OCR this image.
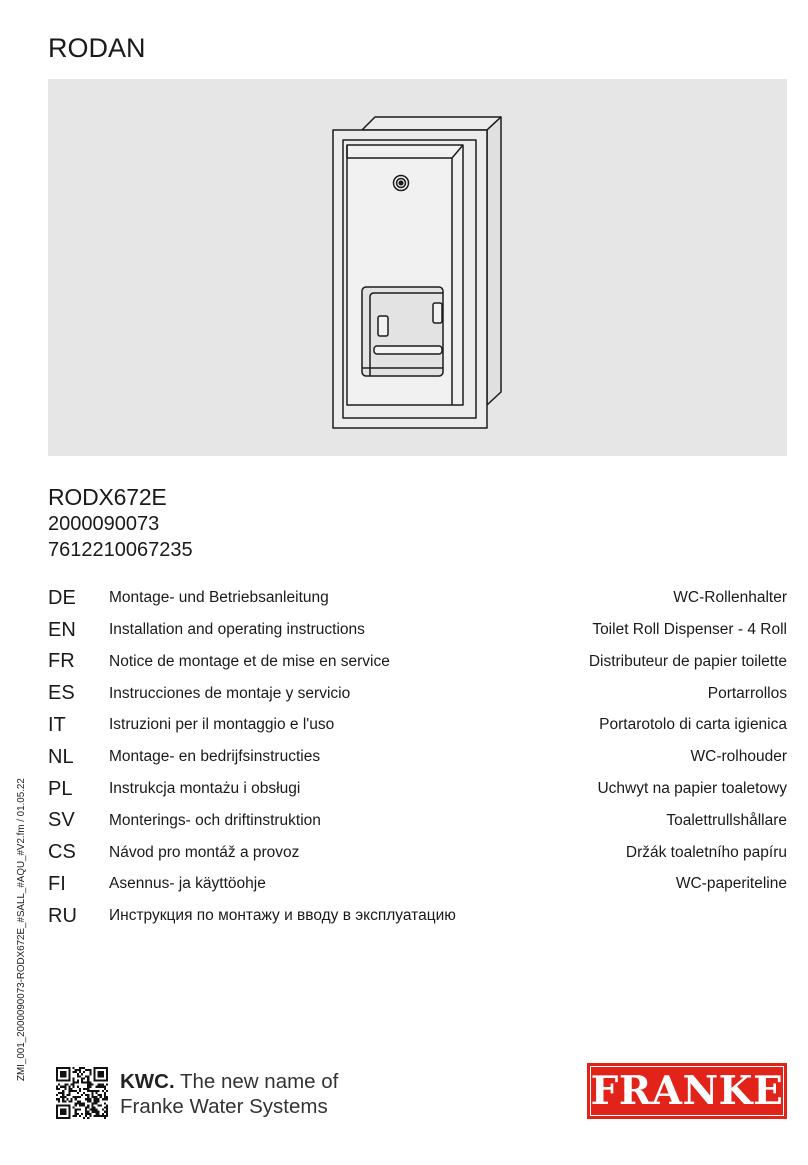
RODAN
RODX672E
2000090073
7612210067235
DE	Montage- und Betriebsanleitung	WC-Rollenhalter
EN	Installation and operating instructions	Toilet Roll Dispenser - 4 Roll
FR	Notice de montage et de mise en service	Distributeur de papier toilette
ES	Instrucciones de montaje y servicio	Portarrollos
IT	Istruzioni per il montaggio e l'uso	Portarotolo di carta igienica
NL	Montage- en bedrijfsinstructies	WC-rolhouder
PL	Instrukcja montażu i obsługi	Uchwyt na papier toaletowy
SV	Monterings- och driftinstruktion	Toalettrullshållare
CS	Návod pro montáž a provoz	Držák toaletního papíru
FI	Asennus- ja käyttöohje	WC-paperiteline
RU	Инструкция по монтажу и вводу в эксплуатацию
ZMI_001_2000090073-RODX672E_#SALL_#AQU_#V2.fm / 01.05.22
KWC. The new name of
Franke Water Systems	FRANKE
